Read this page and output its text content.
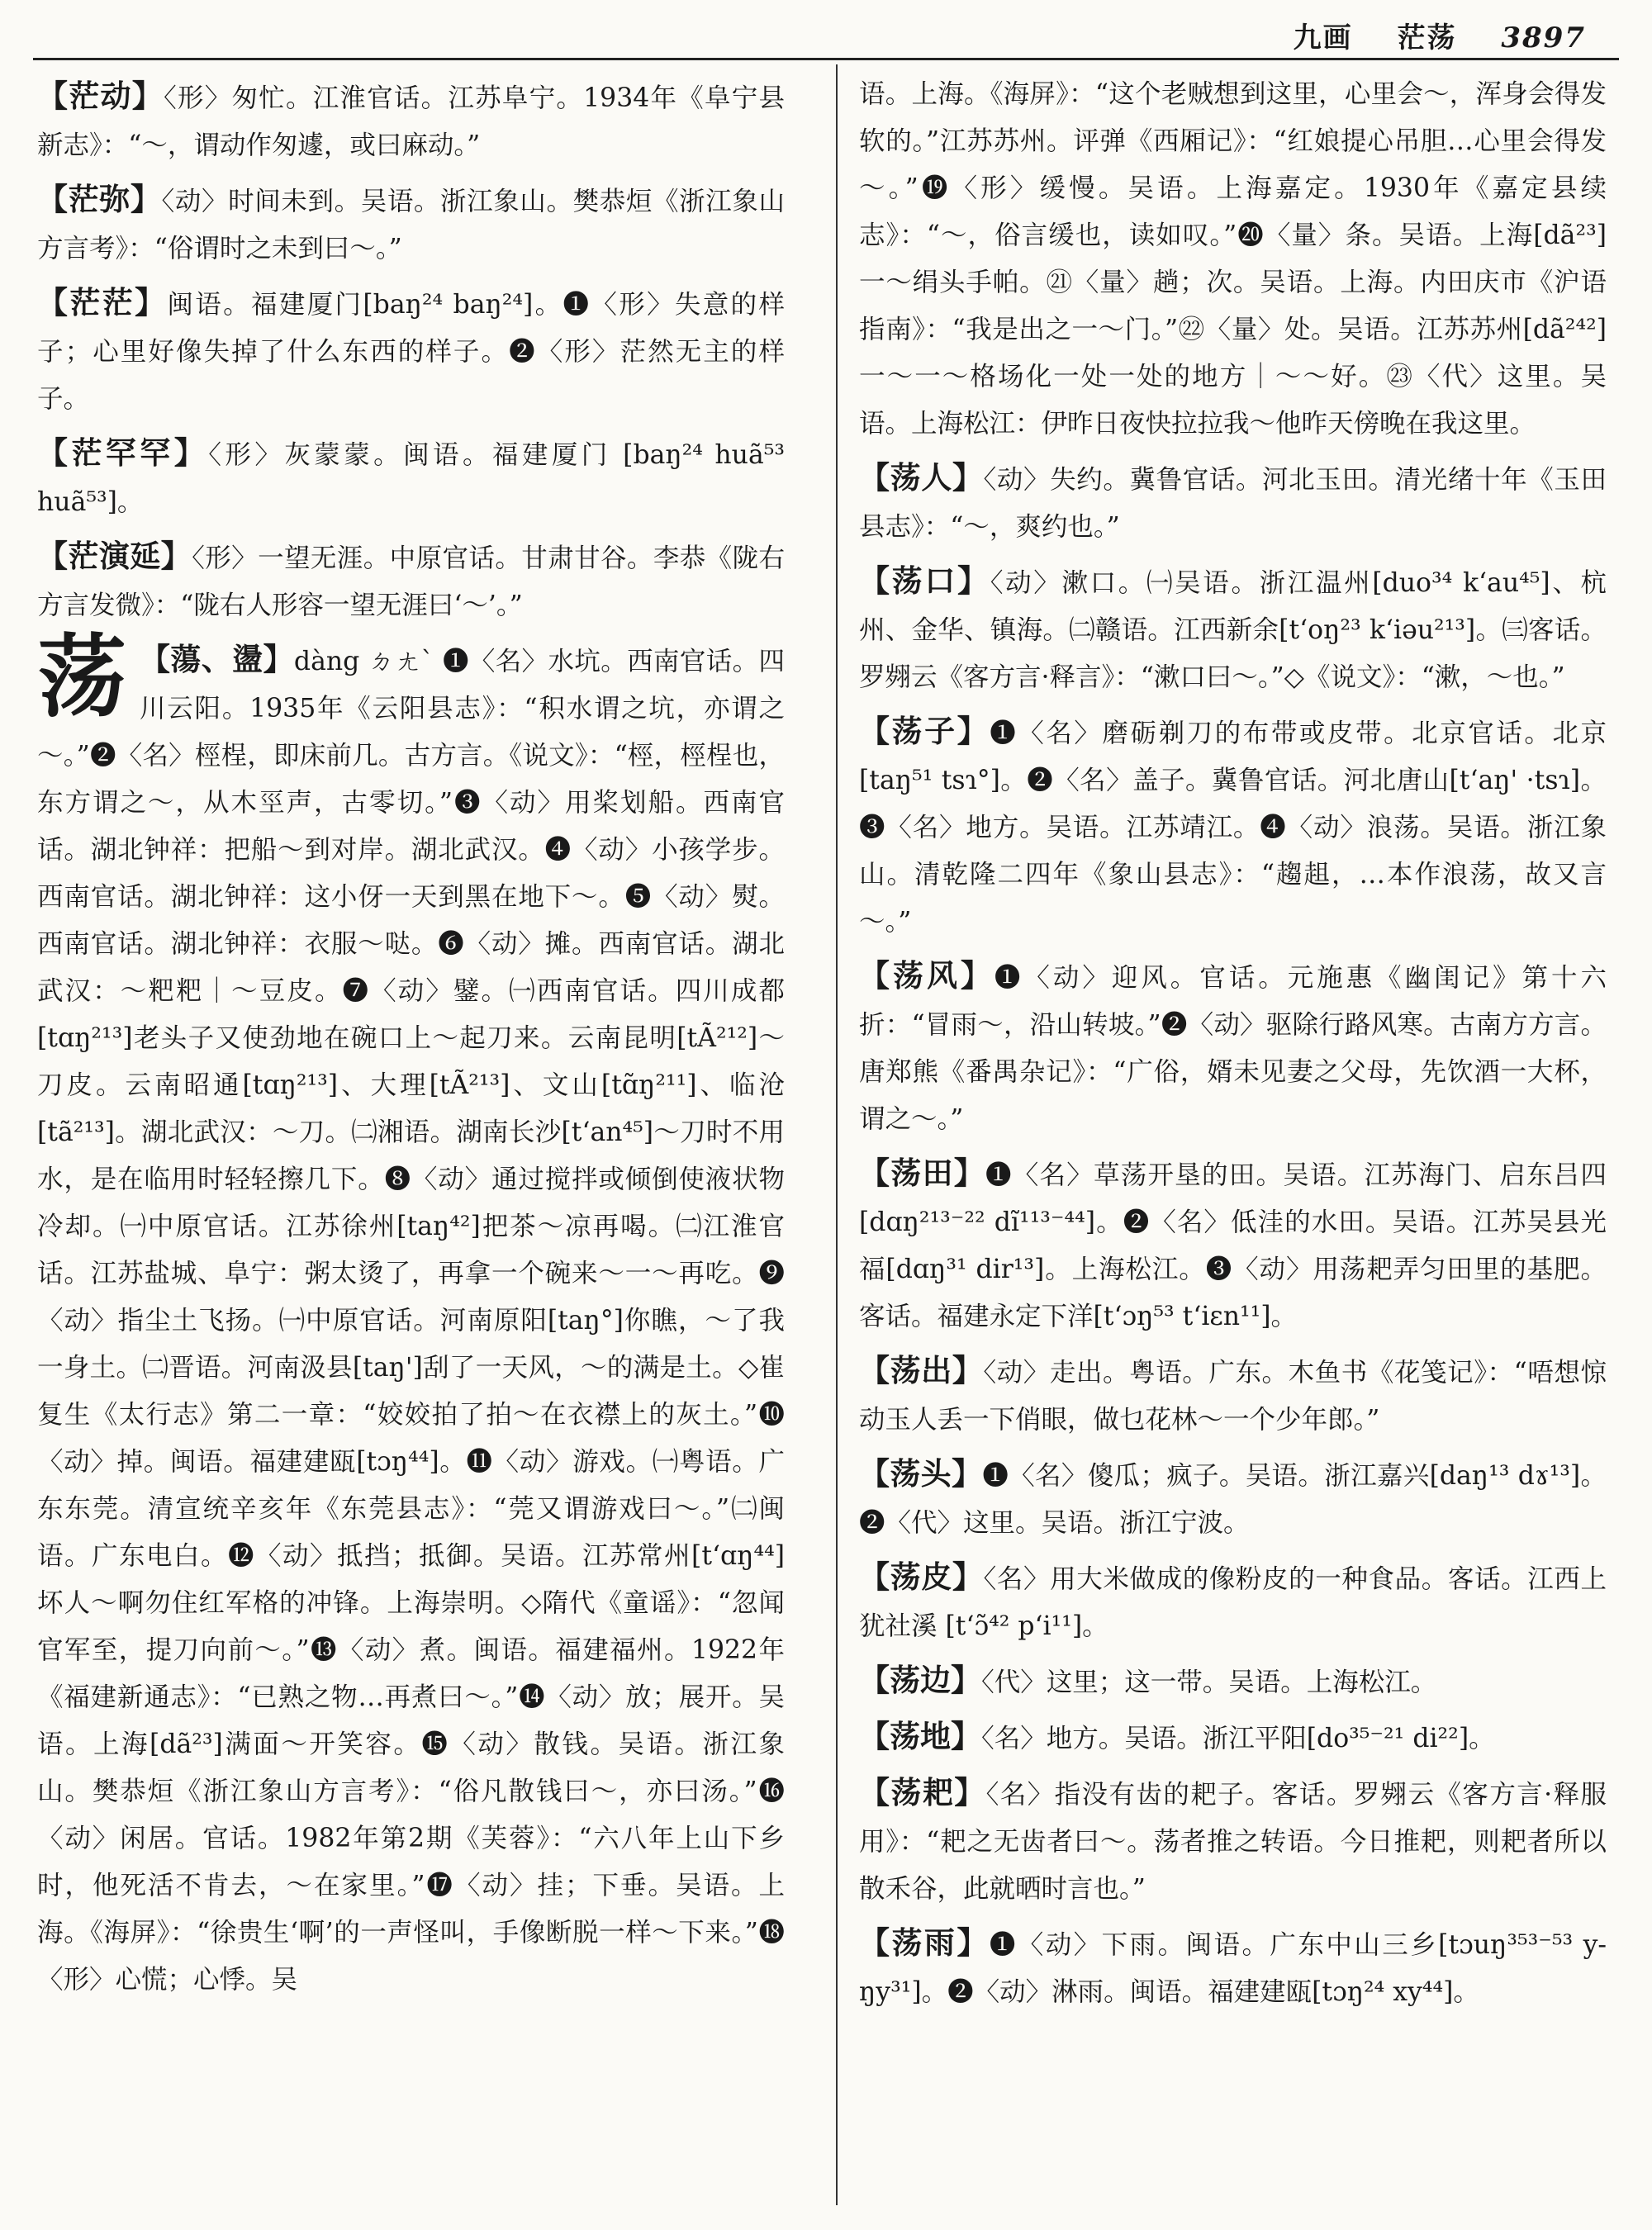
九画 茫荡 3897

【茫动】〈形〉匆忙。江淮官话。江苏阜宁。1934年《阜宁县新志》：“～，谓动作匆遽，或曰麻动。”

【茫弥】〈动〉时间未到。吴语。浙江象山。樊恭烜《浙江象山方言考》：“俗谓时之未到曰～。”

【茫茫】闽语。福建厦门[baŋ²⁴ baŋ²⁴]。❶〈形〉失意的样子；心里好像失掉了什么东西的样子。❷〈形〉茫然无主的样子。

【茫罕罕】〈形〉灰蒙蒙。闽语。福建厦门 [baŋ²⁴ huã⁵³ huã⁵³]。

【茫演延】〈形〉一望无涯。中原官话。甘肃甘谷。李恭《陇右方言发微》：“陇右人形容一望无涯曰‘～’。”

荡 【蕩、盪】dàng ㄉㄤˋ ❶〈名〉水坑。西南官话。四川云阳。1935年《云阳县志》：“积水谓之坑，亦谓之～。”❷〈名〉桱桯，即床前几。古方言。《说文》：“桱，桱桯也，东方谓之～，从木巠声，古零切。”❸〈动〉用桨划船。西南官话。湖北钟祥：把船～到对岸。湖北武汉。❹〈动〉小孩学步。西南官话。湖北钟祥：这小伢一天到黑在地下～。❺〈动〉熨。西南官话。湖北钟祥：衣服～哒。❻〈动〉摊。西南官话。湖北武汉：～粑粑｜～豆皮。❼〈动〉鐾。㈠西南官话。四川成都[tɑŋ²¹³]老头子又使劲地在碗口上～起刀来。云南昆明[tÃ²¹²]～刀皮。云南昭通[tɑŋ²¹³]、大理[tÃ²¹³]、文山[tɑ̃ŋ²¹¹]、临沧[tã²¹³]。湖北武汉：～刀。㈡湘语。湖南长沙[t‘an⁴⁵]～刀时不用水，是在临用时轻轻擦几下。❽〈动〉通过搅拌或倾倒使液状物冷却。㈠中原官话。江苏徐州[taŋ⁴²]把茶～凉再喝。㈡江淮官话。江苏盐城、阜宁：粥太烫了，再拿一个碗来～一～再吃。❾〈动〉指尘土飞扬。㈠中原官话。河南原阳[taŋ°]你瞧，～了我一身土。㈡晋语。河南汲县[taŋ']刮了一天风，～的满是土。◇崔复生《太行志》第二一章：“姣姣拍了拍～在衣襟上的灰土。”❿〈动〉掉。闽语。福建建瓯[tɔŋ⁴⁴]。⓫〈动〉游戏。㈠粤语。广东东莞。清宣统辛亥年《东莞县志》：“莞又谓游戏曰～。”㈡闽语。广东电白。⓬〈动〉抵挡；抵御。吴语。江苏常州[t‘ɑŋ⁴⁴] 坏人～啊勿住红军格的冲锋。上海崇明。◇隋代《童谣》：“忽闻官军至，提刀向前～。”⓭〈动〉煮。闽语。福建福州。1922年《福建新通志》：“已熟之物…再煮曰～。”⓮〈动〉放；展开。吴语。上海[dã²³]满面～开笑容。⓯〈动〉散钱。吴语。浙江象山。樊恭烜《浙江象山方言考》：“俗凡散钱曰～，亦曰汤。”⓰〈动〉闲居。官话。1982年第2期《芙蓉》：“六八年上山下乡时，他死活不肯去，～在家里。”⓱〈动〉挂；下垂。吴语。上海。《海屏》：“徐贵生‘啊’的一声怪叫，手像断脱一样～下来。”⓲〈形〉心慌；心悸。吴

语。上海。《海屏》：“这个老贼想到这里，心里会～，浑身会得发软的。”江苏苏州。评弹《西厢记》：“红娘提心吊胆…心里会得发～。”⓳〈形〉缓慢。吴语。上海嘉定。1930年《嘉定县续志》：“～，俗言缓也，读如叹。”⓴〈量〉条。吴语。上海[dã²³]一～绢头手帕。㉑〈量〉趟；次。吴语。上海。内田庆市《沪语指南》：“我是出之一～门。”㉒〈量〉处。吴语。江苏苏州[dã²⁴²]一～一～格场化一处一处的地方｜～～好。㉓〈代〉这里。吴语。上海松江：伊昨日夜快拉拉我～他昨天傍晚在我这里。

【荡人】〈动〉失约。冀鲁官话。河北玉田。清光绪十年《玉田县志》：“～，爽约也。”

【荡口】〈动〉漱口。㈠吴语。浙江温州[duo³⁴ k‘au⁴⁵]、杭州、金华、镇海。㈡赣语。江西新余[t‘oŋ²³ k‘iəu²¹³]。㈢客话。罗翙云《客方言·释言》：“漱口曰～。”◇《说文》：“漱，～也。”

【荡子】❶〈名〉磨砺剃刀的布带或皮带。北京官话。北京[taŋ⁵¹ tsɿ°]。❷〈名〉盖子。冀鲁官话。河北唐山[t‘aŋ' ·tsɿ]。❸〈名〉地方。吴语。江苏靖江。❹〈动〉浪荡。吴语。浙江象山。清乾隆二四年《象山县志》：“趨趄，…本作浪荡，故又言～。”

【荡风】❶〈动〉迎风。官话。元施惠《幽闺记》第十六折：“冒雨～，沿山转坡。”❷〈动〉驱除行路风寒。古南方方言。唐郑熊《番禺杂记》：“广俗，婿未见妻之父母，先饮酒一大杯，谓之～。”

【荡田】❶〈名〉草荡开垦的田。吴语。江苏海门、启东吕四[dɑŋ²¹³⁻²² dĩ¹¹³⁻⁴⁴]。❷〈名〉低洼的水田。吴语。江苏吴县光福[dɑŋ³¹ dir¹³]。上海松江。❸〈动〉用荡耙弄匀田里的基肥。客话。福建永定下洋[t‘ɔŋ⁵³ t‘iɛn¹¹]。

【荡出】〈动〉走出。粤语。广东。木鱼书《花笺记》：“唔想惊动玉人丢一下俏眼，做乜花林～一个少年郎。”

【荡头】❶〈名〉傻瓜；疯子。吴语。浙江嘉兴[daŋ¹³ dɤ¹³]。❷〈代〉这里。吴语。浙江宁波。

【荡皮】〈名〉用大米做成的像粉皮的一种食品。客话。江西上犹社溪 [t‘ɔ̃⁴² p‘i¹¹]。

【荡边】〈代〉这里；这一带。吴语。上海松江。

【荡地】〈名〉地方。吴语。浙江平阳[do³⁵⁻²¹ di²²]。

【荡耙】〈名〉指没有齿的耙子。客话。罗翙云《客方言·释服用》：“耙之无齿者曰～。荡者推之转语。今日推耙，则耙者所以散禾谷，此就晒时言也。”

【荡雨】❶〈动〉下雨。闽语。广东中山三乡[tɔuŋ³⁵³⁻⁵³ y-ŋy³¹]。❷〈动〉淋雨。闽语。福建建瓯[tɔŋ²⁴ xy⁴⁴]。
